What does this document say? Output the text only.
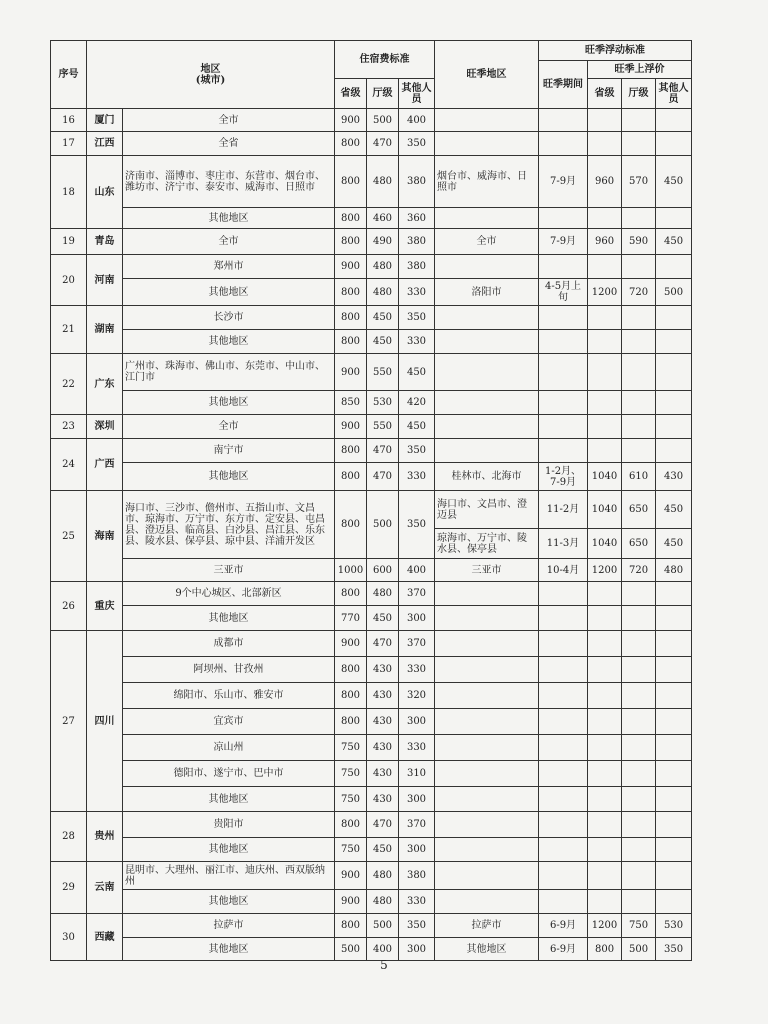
序号	地区
(城市)		住宿费标准			旺季地区	旺季浮动标准			
							旺季期间	旺季上浮价		
			省级	厅级	其他人员			省级	厅级	其他人员
16	厦门	全市	900	500	400					
17	江西	全省	800	470	350					
18	山东	济南市、淄博市、枣庄市、东营市、烟台市、潍坊市、济宁市、泰安市、威海市、日照市	800	480	380	烟台市、威海市、日照市	7-9月	960	570	450
		其他地区	800	460	360					
19	青岛	全市	800	490	380	全市	7-9月	960	590	450
20	河南	郑州市	900	480	380					
		其他地区	800	480	330	洛阳市	4-5月上旬	1200	720	500
21	湖南	长沙市	800	450	350					
		其他地区	800	450	330					
22	广东	广州市、珠海市、佛山市、东莞市、中山市、江门市	900	550	450					
		其他地区	850	530	420					
23	深圳	全市	900	550	450					
24	广西	南宁市	800	470	350					
		其他地区	800	470	330	桂林市、北海市	1-2月、7-9月	1040	610	430
25	海南	海口市、三沙市、儋州市、五指山市、文昌市、琼海市、万宁市、东方市、定安县、屯昌县、澄迈县、临高县、白沙县、昌江县、乐东县、陵水县、保亭县、琼中县、洋浦开发区	800	500	350	海口市、文昌市、澄迈县	11-2月	1040	650	450
						琼海市、万宁市、陵水县、保亭县	11-3月	1040	650	450
		三亚市	1000	600	400	三亚市	10-4月	1200	720	480
26	重庆	9个中心城区、北部新区	800	480	370					
		其他地区	770	450	300					
27	四川	成都市	900	470	370					
		阿坝州、甘孜州	800	430	330					
		绵阳市、乐山市、雅安市	800	430	320					
		宜宾市	800	430	300					
		凉山州	750	430	330					
		德阳市、遂宁市、巴中市	750	430	310					
		其他地区	750	430	300					
28	贵州	贵阳市	800	470	370					
		其他地区	750	450	300					
29	云南	昆明市、大理州、丽江市、迪庆州、西双版纳州	900	480	380					
		其他地区	900	480	330					
30	西藏	拉萨市	800	500	350	拉萨市	6-9月	1200	750	530
		其他地区	500	400	300	其他地区	6-9月	800	500	350
5
